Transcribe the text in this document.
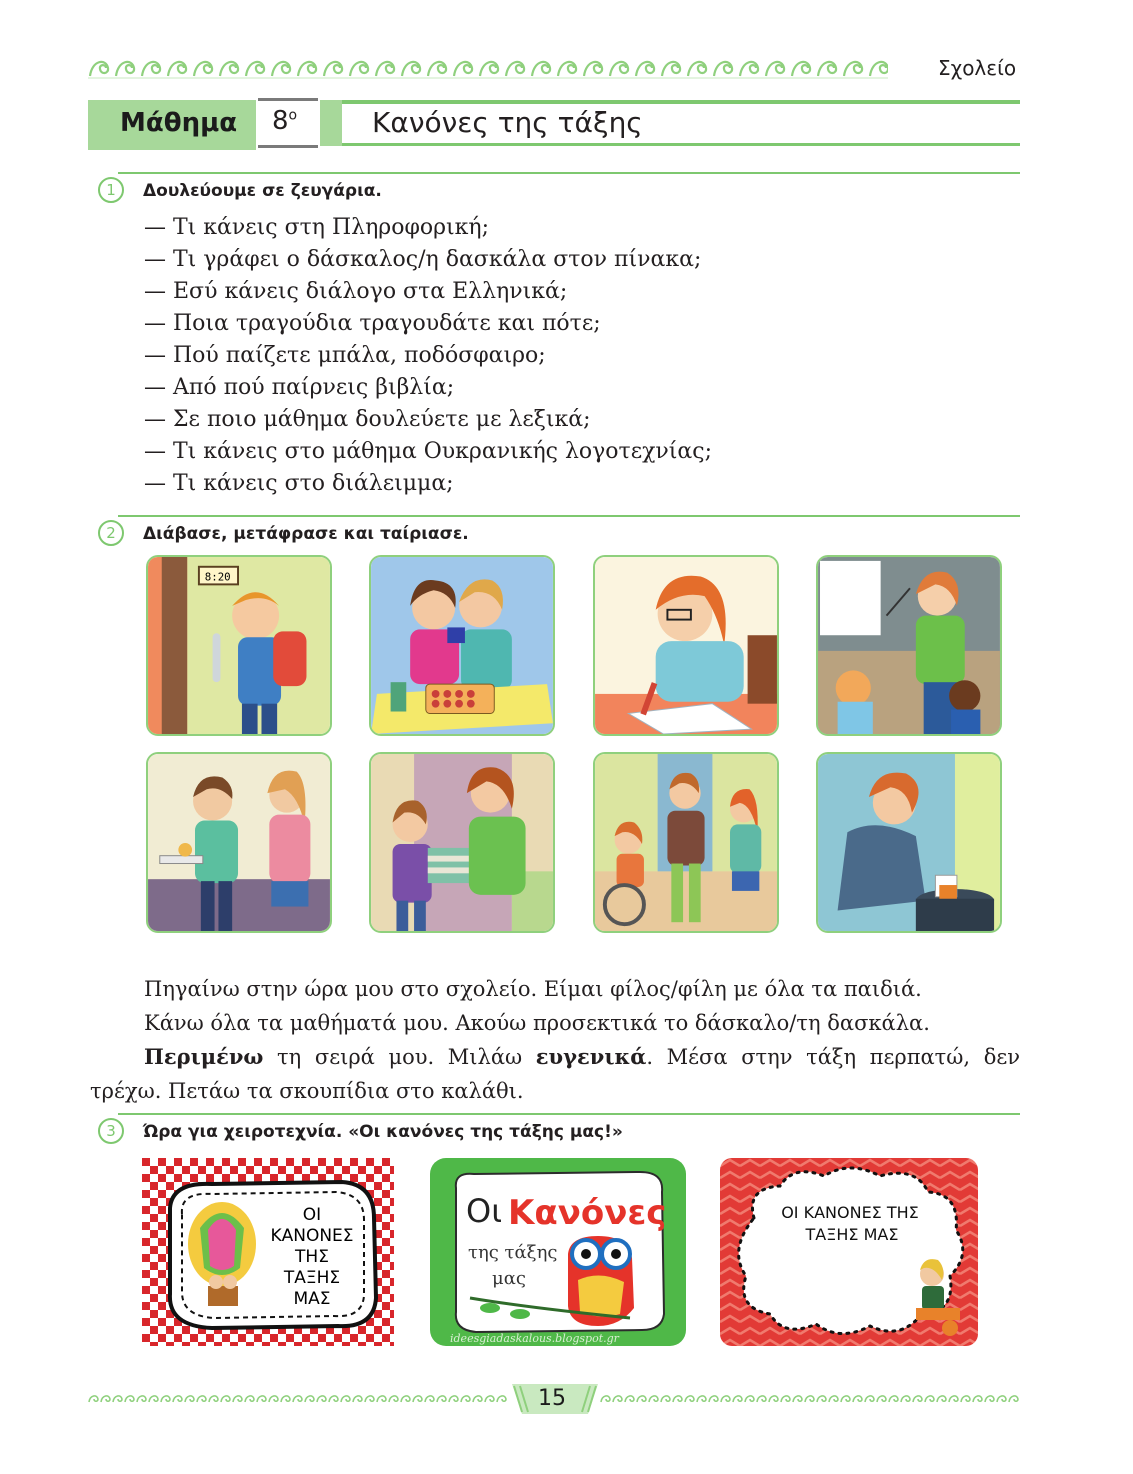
Σχολείο
Μάθημα $8^o$	Κανόνες της τάξης
1	Δουλεύουμε σε ζευγάρια.
— Τι κάνεις στη Πληροφορική;
— Τι γράφει ο δάσκαλος/η δασκάλα στον πίνακα;
— Εσύ κάνεις διάλογο στα Ελληνικά;
— Ποια τραγούδια τραγουδάτε και πότε;
— Πού παίζετε μπάλα, ποδόσφαιρο;
— Από πού παίρνεις βιβλία;
— Σε ποιο μάθημα δουλεύετε με λεξικά;
— Τι κάνεις στο μάθημα Ουκρανικής λογοτεχνίας;
— Τι κάνεις στο διάλειμμα;
2	Διάβασε, μετάφρασε και ταίριασε.
8:20

Πηγαίνω στην ώρα μου στο σχολείο. Είμαι φίλος/φίλη με όλα τα παιδιά.

Κάνω όλα τα μαθήματά μου. Ακούω προσεκτικά το δάσκαλο/τη δασκάλα.

Περιμένω τη σειρά μου. Μιλάω ευγενικά. Μέσα στην τάξη περπατώ, δεν

τρέχω. Πετάω τα σκουπίδια στο καλάθι.

3	Ώρα για χειροτεχνία. «Οι κανόνες της τάξης μας!»
ΟΙ
ΚΑΝΟΝΕΣ
ΤΗΣ
ΤΑΞΗΣ
ΜΑΣ
Οι Κανόνες
της τάξης
μας
ideesgiadaskalous.blogspot.gr
ΟΙ ΚΑΝΟΝΕΣ ΤΗΣ
ΤΑΞΗΣ ΜΑΣ
15
